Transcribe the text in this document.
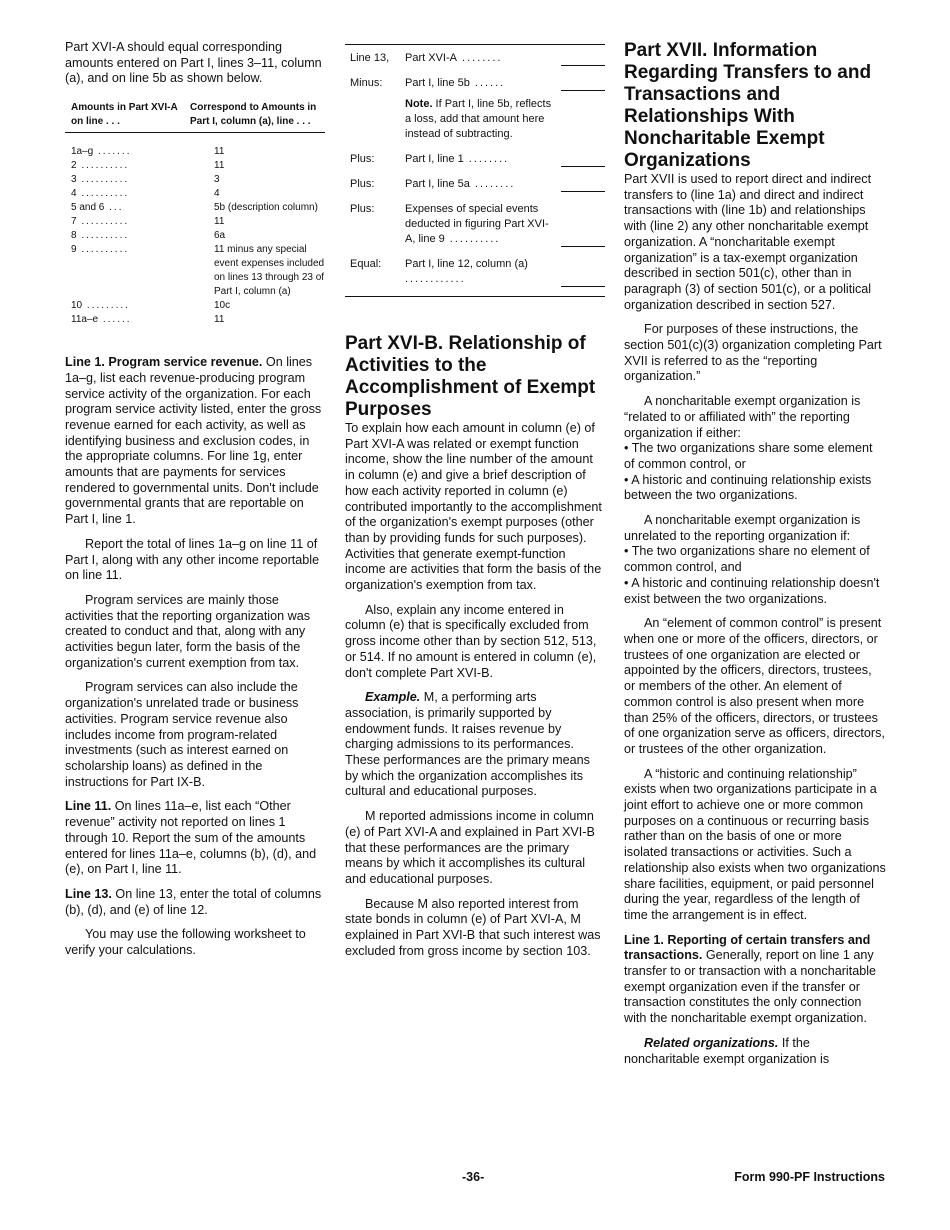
Part XVI-A should equal corresponding amounts entered on Part I, lines 3–11, column (a), and on line 5b as shown below.

Amounts in Part XVI-A on line . . .
Correspond to Amounts in Part I, column (a), line . . .
1a–g .......	11
2 ..........	11
3 ..........	3
4 ..........	4
5 and 6 ...	5b (description column)
7 ..........	11
8 ..........	6a
9 ..........	11 minus any special event expenses included on lines 13 through 23 of Part I, column (a)
10 .........	10c
11a–e ......	11

Line 1. Program service revenue. On lines 1a–g, list each revenue-producing program service activity of the organization. For each program service activity listed, enter the gross revenue earned for each activity, as well as identifying business and exclusion codes, in the appropriate columns. For line 1g, enter amounts that are payments for services rendered to governmental units. Don't include governmental grants that are reportable on Part I, line 1.

Report the total of lines 1a–g on line 11 of Part I, along with any other income reportable on line 11.

Program services are mainly those activities that the reporting organization was created to conduct and that, along with any activities begun later, form the basis of the organization's current exemption from tax.

Program services can also include the organization's unrelated trade or business activities. Program service revenue also includes income from program-related investments (such as interest earned on scholarship loans) as defined in the instructions for Part IX-B.

Line 11. On lines 11a–e, list each “Other revenue” activity not reported on lines 1 through 10. Report the sum of the amounts entered for lines 11a–e, columns (b), (d), and (e), on Part I, line 11.

Line 13. On line 13, enter the total of columns (b), (d), and (e) of line 12.

You may use the following worksheet to verify your calculations.

Line 13,	Part XVI-A ........
Minus:	Part I, line 5b ......
Note. If Part I, line 5b, reflects a loss, add that amount here instead of subtracting.
Plus:	Part I, line 1 ........
Plus:	Part I, line 5a ........
Plus:	Expenses of special events deducted in figuring Part XVI-A, line 9 ..........
Equal:	Part I, line 12, column (a) ............
Part XVI-B. Relationship of Activities to the Accomplishment of Exempt Purposes

To explain how each amount in column (e) of Part XVI-A was related or exempt function income, show the line number of the amount in column (e) and give a brief description of how each activity reported in column (e) contributed importantly to the accomplishment of the organization's exempt purposes (other than by providing funds for such purposes). Activities that generate exempt-function income are activities that form the basis of the organization's exemption from tax.

Also, explain any income entered in column (e) that is specifically excluded from gross income other than by section 512, 513, or 514. If no amount is entered in column (e), don't complete Part XVI-B.

Example. M, a performing arts association, is primarily supported by endowment funds. It raises revenue by charging admissions to its performances. These performances are the primary means by which the organization accomplishes its cultural and educational purposes.

M reported admissions income in column (e) of Part XVI-A and explained in Part XVI-B that these performances are the primary means by which it accomplishes its cultural and educational purposes.

Because M also reported interest from state bonds in column (e) of Part XVI-A, M explained in Part XVI-B that such interest was excluded from gross income by section 103.

Part XVII. Information Regarding Transfers to and Transactions and Relationships With Noncharitable Exempt Organizations

Part XVII is used to report direct and indirect transfers to (line 1a) and direct and indirect transactions with (line 1b) and relationships with (line 2) any other noncharitable exempt organization. A “noncharitable exempt organization” is a tax-exempt organization described in section 501(c), other than in paragraph (3) of section 501(c), or a political organization described in section 527.

For purposes of these instructions, the section 501(c)(3) organization completing Part XVII is referred to as the “reporting organization.”

A noncharitable exempt organization is “related to or affiliated with” the reporting organization if either:

• The two organizations share some element of common control, or

• A historic and continuing relationship exists between the two organizations.

A noncharitable exempt organization is unrelated to the reporting organization if:

• The two organizations share no element of common control, and

• A historic and continuing relationship doesn't exist between the two organizations.

An “element of common control” is present when one or more of the officers, directors, or trustees of one organization are elected or appointed by the officers, directors, trustees, or members of the other. An element of common control is also present when more than 25% of the officers, directors, or trustees of one organization serve as officers, directors, or trustees of the other organization.

A “historic and continuing relationship” exists when two organizations participate in a joint effort to achieve one or more common purposes on a continuous or recurring basis rather than on the basis of one or more isolated transactions or activities. Such a relationship also exists when two organizations share facilities, equipment, or paid personnel during the year, regardless of the length of time the arrangement is in effect.

Line 1. Reporting of certain transfers and transactions. Generally, report on line 1 any transfer to or transaction with a noncharitable exempt organization even if the transfer or transaction constitutes the only connection with the noncharitable exempt organization.

Related organizations. If the noncharitable exempt organization is

-36-	Form 990-PF Instructions
